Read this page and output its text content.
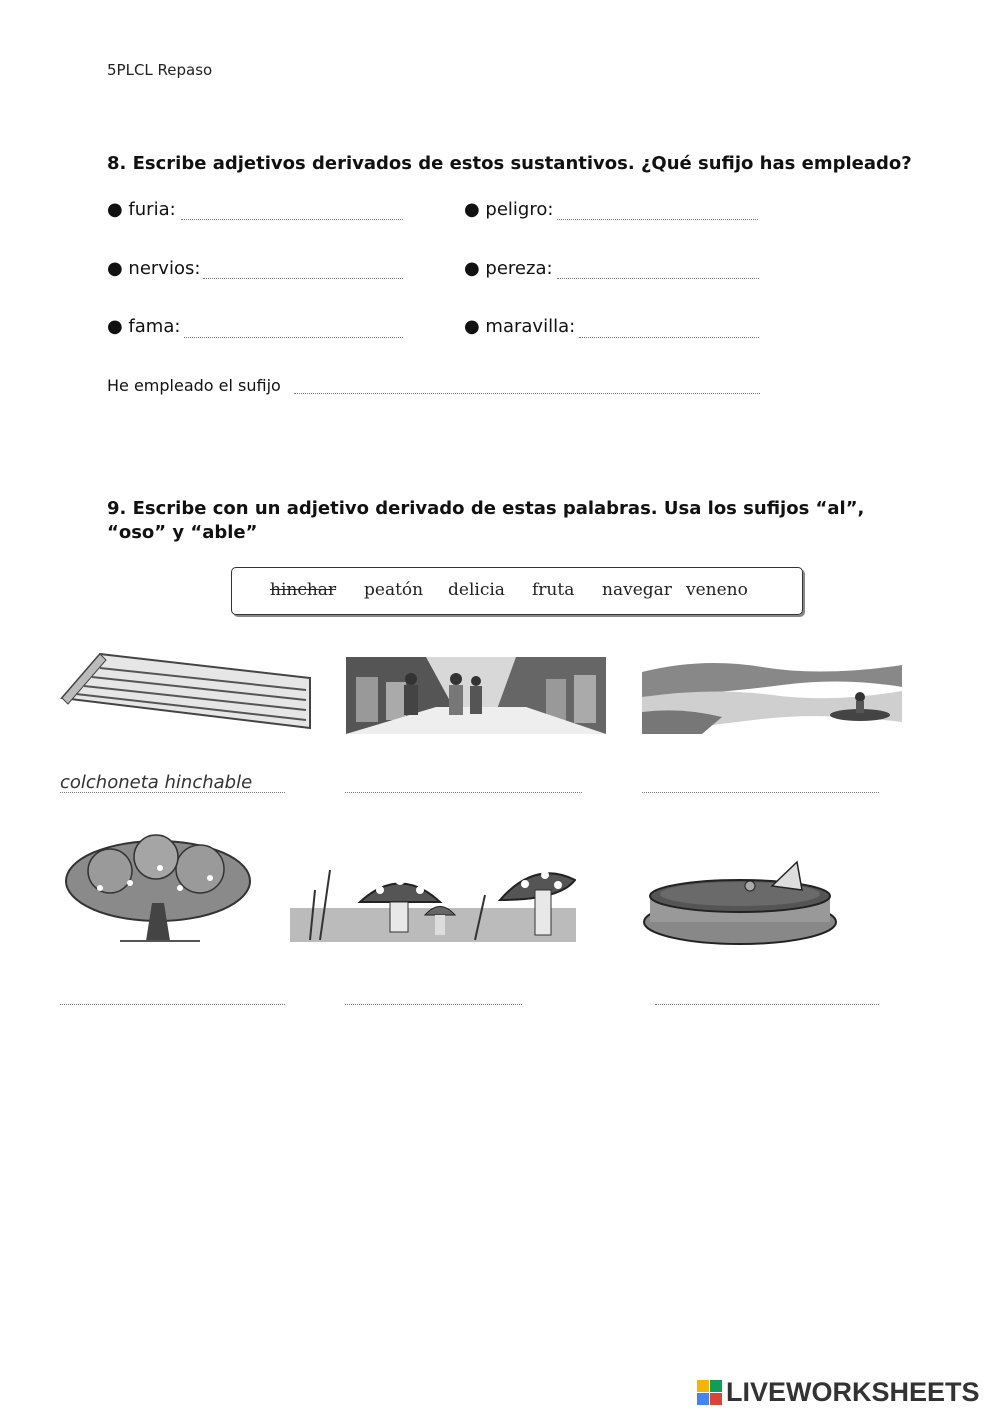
5PLCL Repaso
8. Escribe adjetivos derivados de estos sustantivos. ¿Qué sufijo has empleado?
● furia:	● peligro:
● nervios:	● pereza:
● fama:	● maravilla:
He empleado el sufijo
9. Escribe con un adjetivo derivado de estas palabras. Usa los sufijos “al”,
“oso” y “able”
hinchar peatón delicia fruta navegar veneno
colchoneta hinchable
LIVEWORKSHEETS
